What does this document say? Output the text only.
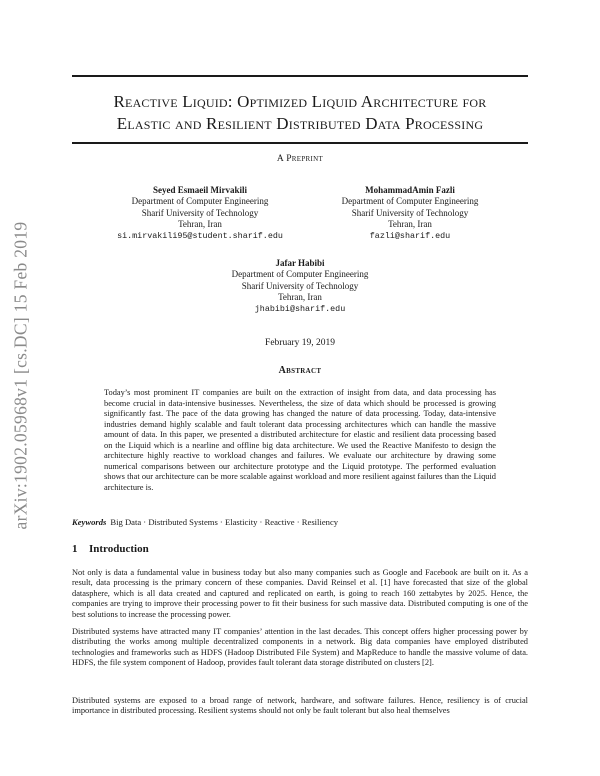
arXiv:1902.05968v1 [cs.DC] 15 Feb 2019
Reactive Liquid: Optimized Liquid Architecture for
Elastic and Resilient Distributed Data Processing
A Preprint
Seyed Esmaeil Mirvakili
Department of Computer Engineering
Sharif University of Technology
Tehran, Iran
si.mirvakili95@student.sharif.edu
MohammadAmin Fazli
Department of Computer Engineering
Sharif University of Technology
Tehran, Iran
fazli@sharif.edu
Jafar Habibi
Department of Computer Engineering
Sharif University of Technology
Tehran, Iran
jhabibi@sharif.edu
February 19, 2019
Abstract
Today’s most prominent IT companies are built on the extraction of insight from data, and data processing has become crucial in data-intensive businesses. Nevertheless, the size of data which should be processed is growing significantly fast. The pace of the data growing has changed the nature of data processing. Today, data-intensive industries demand highly scalable and fault tolerant data processing architectures which can handle the massive amount of data. In this paper, we presented a distributed architecture for elastic and resilient data processing based on the Liquid which is a nearline and offline big data architecture. We used the Reactive Manifesto to design the architecture highly reactive to workload changes and failures. We evaluate our architecture by drawing some numerical comparisons between our architecture prototype and the Liquid prototype. The performed evaluation shows that our architecture can be more scalable against workload and more resilient against failures than the Liquid architecture is.
Keywords Big Data · Distributed Systems · Elasticity · Reactive · Resiliency
1 Introduction

Not only is data a fundamental value in business today but also many companies such as Google and Facebook are built on it. As a result, data processing is the primary concern of these companies. David Reinsel et al. [1] have forecasted that size of the global datasphere, which is all data created and captured and replicated on earth, is going to reach 160 zettabytes by 2025. Hence, the companies are trying to improve their processing power to fit their business for such massive data. Distributed computing is one of the best solutions to increase the processing power.

Distributed systems have attracted many IT companies’ attention in the last decades. This concept offers higher processing power by distributing the works among multiple decentralized components in a network. Big data companies have employed distributed technologies and frameworks such as HDFS (Hadoop Distributed File System) and MapReduce to handle the massive volume of data. HDFS, the file system component of Hadoop, provides fault tolerant data storage distributed on clusters [2].

Distributed systems are exposed to a broad range of network, hardware, and software failures. Hence, resiliency is of crucial importance in distributed processing. Resilient systems should not only be fault tolerant but also heal themselves
